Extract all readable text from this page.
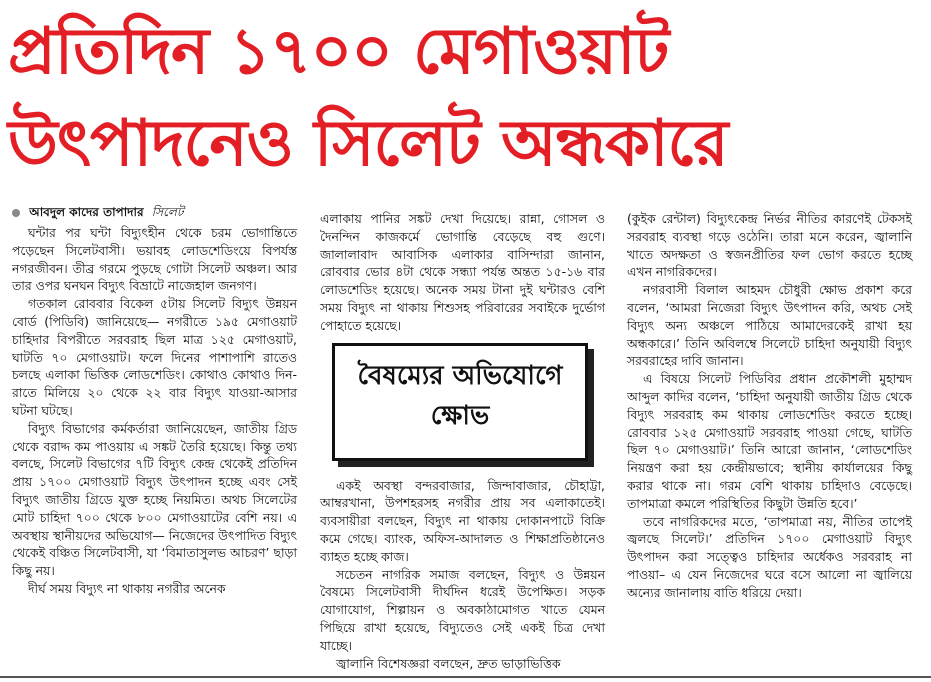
প্রতিদিন ১৭০০ মেগাওয়াট
উৎপাদনেও সিলেট অন্ধকারে
আবদুল কাদের তাপাদার সিলেট

ঘন্টার পর ঘন্টা বিদ্যুৎহীন থেকে চরম ভোগান্তিতে পড়েছেন সিলেটবাসী। ভয়াবহ লোডশেডিংয়ে বিপর্যস্ত নগরজীবন। তীব্র গরমে পুড়ছে গোটা সিলেট অঞ্চল। আর তার ওপর ঘনঘন বিদ্যুৎ বিভ্রাটে নাজেহাল জনগণ।

গতকাল রোববার বিকেল ৫টায় সিলেট বিদ্যুৎ উন্নয়ন বোর্ড (পিডিবি) জানিয়েছে— নগরীতে ১৯৫ মেগাওয়াট চাহিদার বিপরীতে সরবরাহ ছিল মাত্র ১২৫ মেগাওয়াট, ঘাটতি ৭০ মেগাওয়াট। ফলে দিনের পাশাপাশি রাতেও চলছে এলাকা ভিত্তিক লোডশেডিং। কোথাও কোথাও দিন-রাতে মিলিয়ে ২০ থেকে ২২ বার বিদ্যুৎ যাওয়া-আসার ঘটনা ঘটছে।

বিদ্যুৎ বিভাগের কর্মকর্তারা জানিয়েছেন, জাতীয় গ্রিড থেকে বরাদ্দ কম পাওয়ায় এ সঙ্কট তৈরি হয়েছে। কিন্তু তথ্য বলছে, সিলেট বিভাগের ৭টি বিদ্যুৎ কেন্দ্র থেকেই প্রতিদিন প্রায় ১৭০০ মেগাওয়াট বিদ্যুৎ উৎপাদন হচ্ছে এবং সেই বিদ্যুৎ জাতীয় গ্রিডে যুক্ত হচ্ছে নিয়মিত। অথচ সিলেটের মোট চাহিদা ৭০০ থেকে ৮০০ মেগাওয়াটের বেশি নয়। এ অবস্থায় স্থানীয়দের অভিযোগ— নিজেদের উৎপাদিত বিদ্যুৎ থেকেই বঞ্চিত সিলেটবাসী, যা ‘বিমাতাসুলভ আচরণ’ ছাড়া কিছু নয়।

দীর্ঘ সময় বিদ্যুৎ না থাকায় নগরীর অনেক

এলাকায় পানির সঙ্কট দেখা দিয়েছে। রান্না, গোসল ও দৈনন্দিন কাজকর্মে ভোগান্তি বেড়েছে বহু গুণে। জালালাবাদ আবাসিক এলাকার বাসিন্দারা জানান, রোববার ভোর ৪টা থেকে সন্ধ্যা পর্যন্ত অন্তত ১৫-১৬ বার লোডশেডিং হয়েছে। অনেক সময় টানা দুই ঘন্টারও বেশি সময় বিদ্যুৎ না থাকায় শিশুসহ পরিবারের সবাইকে দুর্ভোগ পোহাতে হয়েছে।

বৈষম্যের অভিযোগে
ক্ষোভ

একই অবস্থা বন্দরবাজার, জিন্দাবাজার, চৌহাট্টা, আম্বরখানা, উপশহরসহ নগরীর প্রায় সব এলাকাতেই। ব্যবসায়ীরা বলছেন, বিদ্যুৎ না থাকায় দোকানপাটে বিক্রি কমে গেছে। ব্যাংক, অফিস-আদালত ও শিক্ষাপ্রতিষ্ঠানেও ব্যাহত হচ্ছে কাজ।

সচেতন নাগরিক সমাজ বলছেন, বিদ্যুৎ ও উন্নয়ন বৈষম্যে সিলেটবাসী দীর্ঘদিন ধরেই উপেক্ষিত। সড়ক যোগাযোগ, শিল্পায়ন ও অবকাঠামোগত খাতে যেমন পিছিয়ে রাখা হয়েছে, বিদ্যুতেও সেই একই চিত্র দেখা যাচ্ছে।

জ্বালানি বিশেষজ্ঞরা বলছেন, দ্রুত ভাড়াভিত্তিক

(কুইক রেন্টাল) বিদ্যুৎকেন্দ্র নির্ভর নীতির কারণেই টেকসই সরবরাহ ব্যবস্থা গড়ে ওঠেনি। তারা মনে করেন, জ্বালানি খাতে অদক্ষতা ও স্বজনপ্রীতির ফল ভোগ করতে হচ্ছে এখন নাগরিকদের।

নগরবাসী বিলাল আহমদ চৌধুরী ক্ষোভ প্রকাশ করে বলেন, ‘আমরা নিজেরা বিদ্যুৎ উৎপাদন করি, অথচ সেই বিদ্যুৎ অন্য অঞ্চলে পাঠিয়ে আমাদেরকেই রাখা হয় অন্ধকারে।’ তিনি অবিলম্বে সিলেটে চাহিদা অনুযায়ী বিদ্যুৎ সরবরাহের দাবি জানান।

এ বিষয়ে সিলেট পিডিবির প্রধান প্রকৌশলী মুহাম্মদ আব্দুল কাদির বলেন, ‘চাহিদা অনুযায়ী জাতীয় গ্রিড থেকে বিদ্যুৎ সরবরাহ কম থাকায় লোডশেডিং করতে হচ্ছে। রোববার ১২৫ মেগাওয়াট সরবরাহ পাওয়া গেছে, ঘাটতি ছিল ৭০ মেগাওয়াট।’ তিনি আরো জানান, ‘লোডশেডিং নিয়ন্ত্রণ করা হয় কেন্দ্রীয়ভাবে; স্থানীয় কার্যালয়ের কিছু করার থাকে না। গরম বেশি থাকায় চাহিদাও বেড়েছে। তাপমাত্রা কমলে পরিস্থিতির কিছুটা উন্নতি হবে।’

তবে নাগরিকদের মতে, ‘তাপমাত্রা নয়, নীতির তাপেই জ্বলছে সিলেট।’ প্রতিদিন ১৭০০ মেগাওয়াট বিদ্যুৎ উৎপাদন করা সত্ত্বেও চাহিদার অর্ধেকও সরবরাহ না পাওয়া– এ যেন নিজেদের ঘরে বসে আলো না জ্বালিয়ে অন্যের জানালায় বাতি ধরিয়ে দেয়া।
